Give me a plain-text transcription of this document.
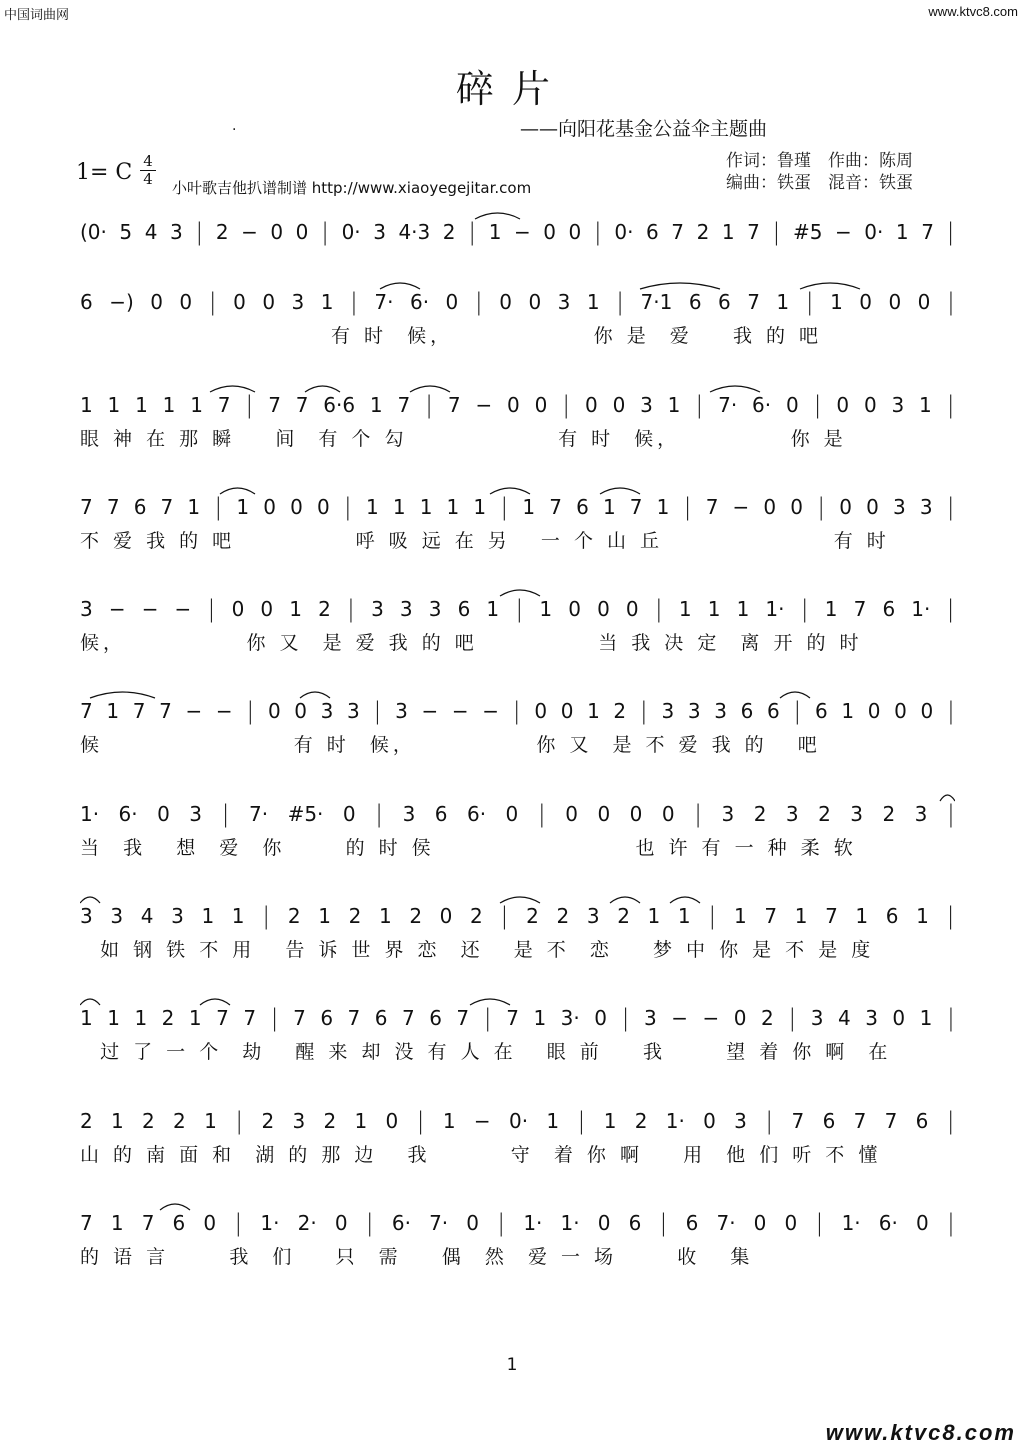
中国词曲网	www.ktvc8.com
碎片
——向阳花基金公益伞主题曲
·
作词：鲁瑾　作曲：陈周
编曲：铁蛋　混音：铁蛋
1= C 4
4 小叶歌吉他扒谱制谱 http://www.xiaoyegejitar.com
(0· 5 4 3 | 2 − 0 0 | 0· 3 4·3 2 | 1 − 0 0 | 0· 6 7 2 1 7 | #5 − 0· 1 7 |
6 −) 0 0 | 0 0 3 1 | 7· 6· 0 | 0 0 3 1 | 7·1 6 6 7 1 | 1 0 0 0 |
有 时  候，              你 是  爱    我 的 吧
1 1 1 1 1 7 | 7 7 6·6 1 7 | 7 − 0 0 | 0 0 3 1 | 7· 6· 0 | 0 0 3 1 |
眼 神 在 那 瞬    间  有 个 勾               有 时  候，           你 是
7 7 6 7 1 | 1 0 0 0 | 1 1 1 1 1 | 1 7 6 1 7 1 | 7 − 0 0 | 0 0 3 3 |
不 爱 我 的 吧            呼 吸 远 在 另   一 个 山 丘                 有 时
3 − − − | 0 0 1 2 | 3 3 3 6 1 | 1 0 0 0 | 1 1 1 1· | 1 7 6 1· |
候，            你 又  是 爱 我 的 吧            当 我 决 定  离 开 的 时
7 1 7 7 − − | 0 0 3 3 | 3 − − − | 0 0 1 2 | 3 3 3 6 6 | 6 1 0 0 0 |
候                   有 时  候，            你 又  是 不 爱 我 的   吧
1· 6· 0 3 | 7· #5· 0 | 3 6 6· 0 | 0 0 0 0 | 3 2 3 2 3 2 3 |
当  我   想  爱  你      的 时 侯                    也 许 有 一 种 柔 软
3 3 4 3 1 1 | 2 1 2 1 2 0 2 | 2 2 3 2 1 1 | 1 7 1 7 1 6 1 |
如 钢 铁 不 用   告 诉 世 界 恋  还   是 不  恋    梦 中 你 是 不 是 度
1 1 1 2 1 7 7 | 7 6 7 6 7 6 7 | 7 1 3· 0 | 3 − − 0 2 | 3 4 3 0 1 |
过 了 一 个  劫   醒 来 却 没 有 人 在   眼 前    我      望 着 你 啊  在
2 1 2 2 1 | 2 3 2 1 0 | 1 − 0· 1 | 1 2 1· 0 3 | 7 6 7 7 6 |
山 的 南 面 和  湖 的 那 边   我        守  着 你 啊    用  他 们 听 不 懂
7 1 7 6 0 | 1· 2· 0 | 6· 7· 0 | 1· 1· 0 6 | 6 7· 0 0 | 1· 6· 0 |
的 语 言      我  们    只  需    偶  然  爱 一 场      收   集
1
www.ktvc8.com
